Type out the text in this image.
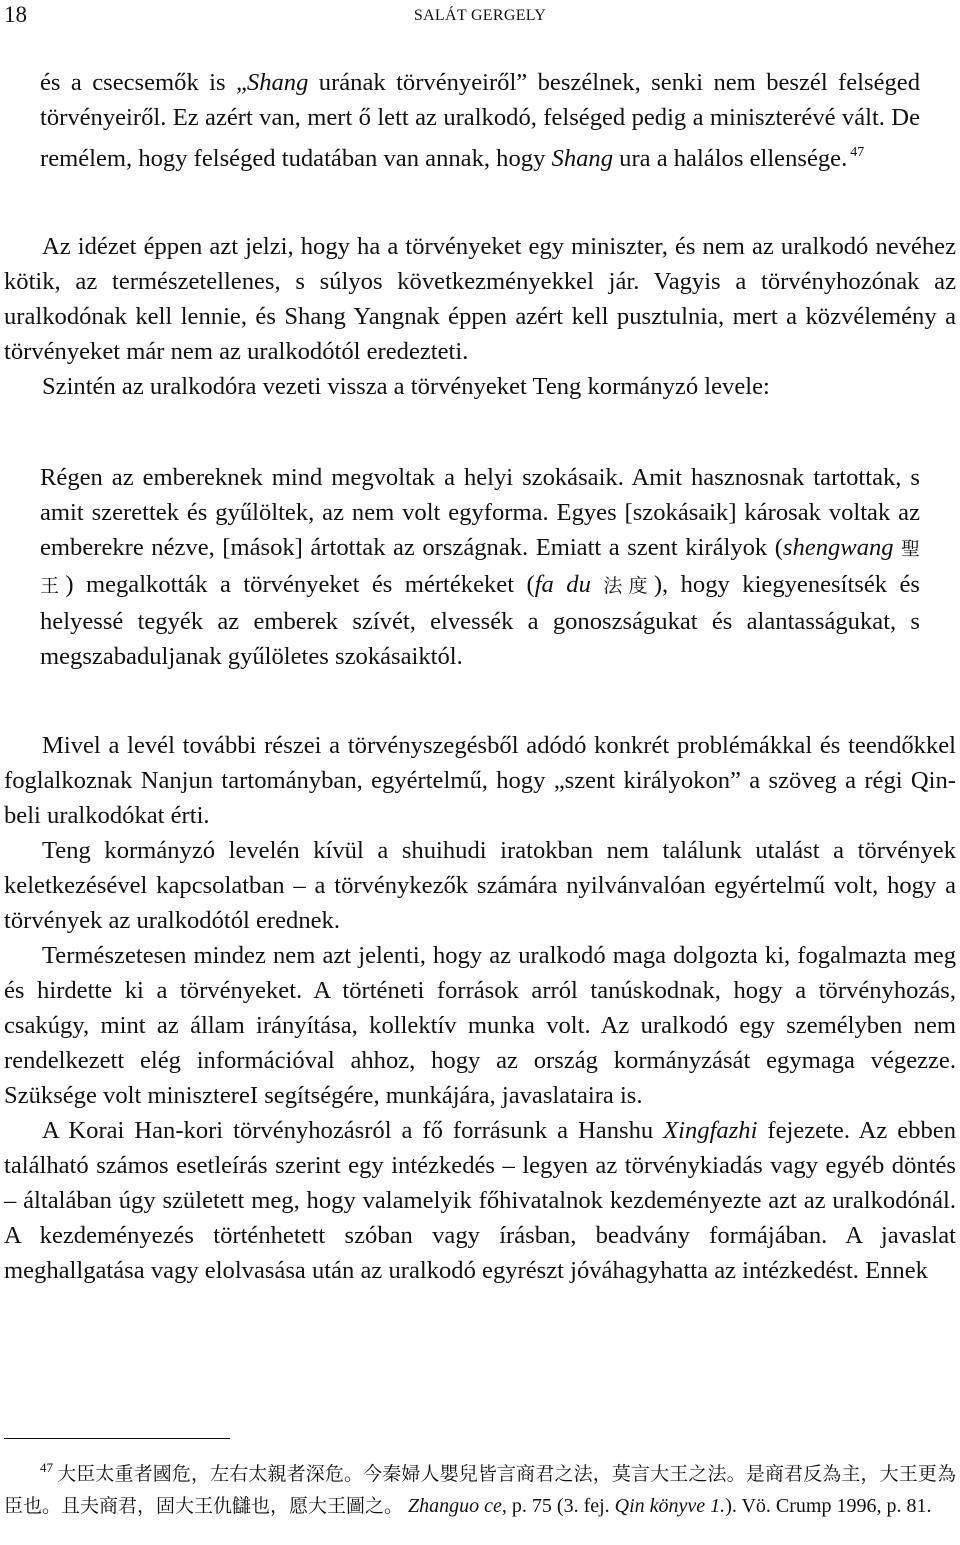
18	SALÁT GERGELY

és a csecsemők is „Shang urának törvényeiről” beszélnek, senki nem beszél felséged törvényeiről. Ez azért van, mert ő lett az uralkodó, felséged pedig a miniszterévé vált. De remélem, hogy felséged tudatában van annak, hogy Shang ura a halálos ellensége. $^{47}$

Az idézet éppen azt jelzi, hogy ha a törvényeket egy miniszter, és nem az uralkodó nevéhez kötik, az természetellenes, s súlyos következményekkel jár. Vagyis a törvényhozónak az uralkodónak kell lennie, és Shang Yangnak éppen azért kell pusztulnia, mert a közvélemény a törvényeket már nem az uralkodótól eredezteti.

Szintén az uralkodóra vezeti vissza a törvényeket Teng kormányzó levele:

Régen az embereknek mind megvoltak a helyi szokásaik. Amit hasznosnak tartottak, s amit szerettek és gyűlöltek, az nem volt egyforma. Egyes [szokásaik] károsak voltak az emberekre nézve, [mások] ártottak az országnak. Emiatt a szent királyok (shengwang 聖王) megalkották a törvényeket és mértékeket (fa du 法度), hogy kiegyenesítsék és helyessé tegyék az emberek szívét, elvessék a gonoszságukat és alantasságukat, s megszabaduljanak gyűlöletes szokásaiktól.

Mivel a levél további részei a törvényszegésből adódó konkrét problémákkal és teendőkkel foglalkoznak Nanjun tartományban, egyértelmű, hogy „szent királyokon” a szöveg a régi Qin-beli uralkodókat érti.

Teng kormányzó levelén kívül a shuihudi iratokban nem találunk utalást a törvények keletkezésével kapcsolatban – a törvénykezők számára nyilvánvalóan egyértelmű volt, hogy a törvények az uralkodótól erednek.

Természetesen mindez nem azt jelenti, hogy az uralkodó maga dolgozta ki, fogalmazta meg és hirdette ki a törvényeket. A történeti források arról tanúskodnak, hogy a törvényhozás, csakúgy, mint az állam irányítása, kollektív munka volt. Az uralkodó egy személyben nem rendelkezett elég információval ahhoz, hogy az ország kormányzását egymaga végezze. Szüksége volt minisztereI segítségére, munkájára, javaslataira is.

A Korai Han-kori törvényhozásról a fő forrásunk a Hanshu Xingfazhi fejezete. Az ebben található számos esetleírás szerint egy intézkedés – legyen az törvénykiadás vagy egyéb döntés – általában úgy született meg, hogy valamelyik főhivatalnok kezdeményezte azt az uralkodónál. A kezdeményezés történhetett szóban vagy írásban, beadvány formájában. A javaslat meghallgatása vagy elolvasása után az uralkodó egyrészt jóváhagyhatta az intézkedést. Ennek

$^{47}$ 大臣太重者國危，左右太親者深危。今秦婦人嬰兒皆言商君之法，莫言大王之法。是商君反為主，大王更為臣也。且夫商君，固大王仇讎也，愿大王圖之。 Zhanguo ce, p. 75 (3. fej. Qin könyve 1.). Vö. Crump 1996, p. 81.
